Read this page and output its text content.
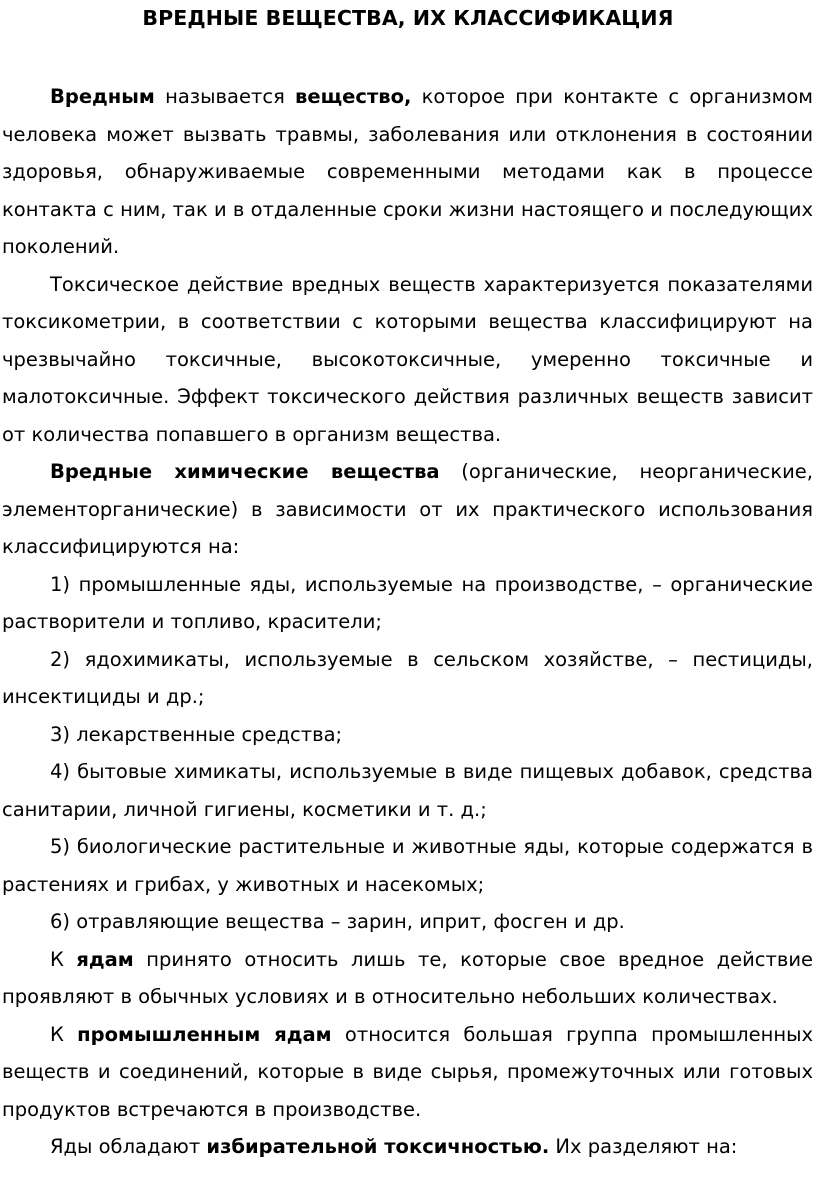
ВРЕДНЫЕ ВЕЩЕСТВА, ИХ КЛАССИФИКАЦИЯ

Вредным называется вещество, которое при контакте с организмом человека может вызвать травмы, заболевания или отклонения в состоянии здоровья, обнаруживаемые современными методами как в процессе контакта с ним, так и в отдаленные сроки жизни настоящего и последующих поколений.

Токсическое действие вредных веществ характеризуется показателями токсикометрии, в соответствии с которыми вещества классифицируют на чрезвычайно токсичные, высокотоксичные, умеренно токсичные и малотоксичные. Эффект токсического действия различных веществ зависит от количества попавшего в организм вещества.

Вредные химические вещества (органические, неорганические, элементорганические) в зависимости от их практического использования классифицируются на:

1) промышленные яды, используемые на производстве, – органические растворители и топливо, красители;

2) ядохимикаты, используемые в сельском хозяйстве, – пестициды, инсектициды и др.;

3) лекарственные средства;

4) бытовые химикаты, используемые в виде пищевых добавок, средства санитарии, личной гигиены, косметики и т. д.;

5) биологические растительные и животные яды, которые содержатся в растениях и грибах, у животных и насекомых;

6) отравляющие вещества – зарин, иприт, фосген и др.

К ядам принято относить лишь те, которые свое вредное действие проявляют в обычных условиях и в относительно небольших количествах.

К промышленным ядам относится большая группа промышленных веществ и соединений, которые в виде сырья, промежуточных или готовых продуктов встречаются в производстве.

Яды обладают избирательной токсичностью. Их разделяют на:
